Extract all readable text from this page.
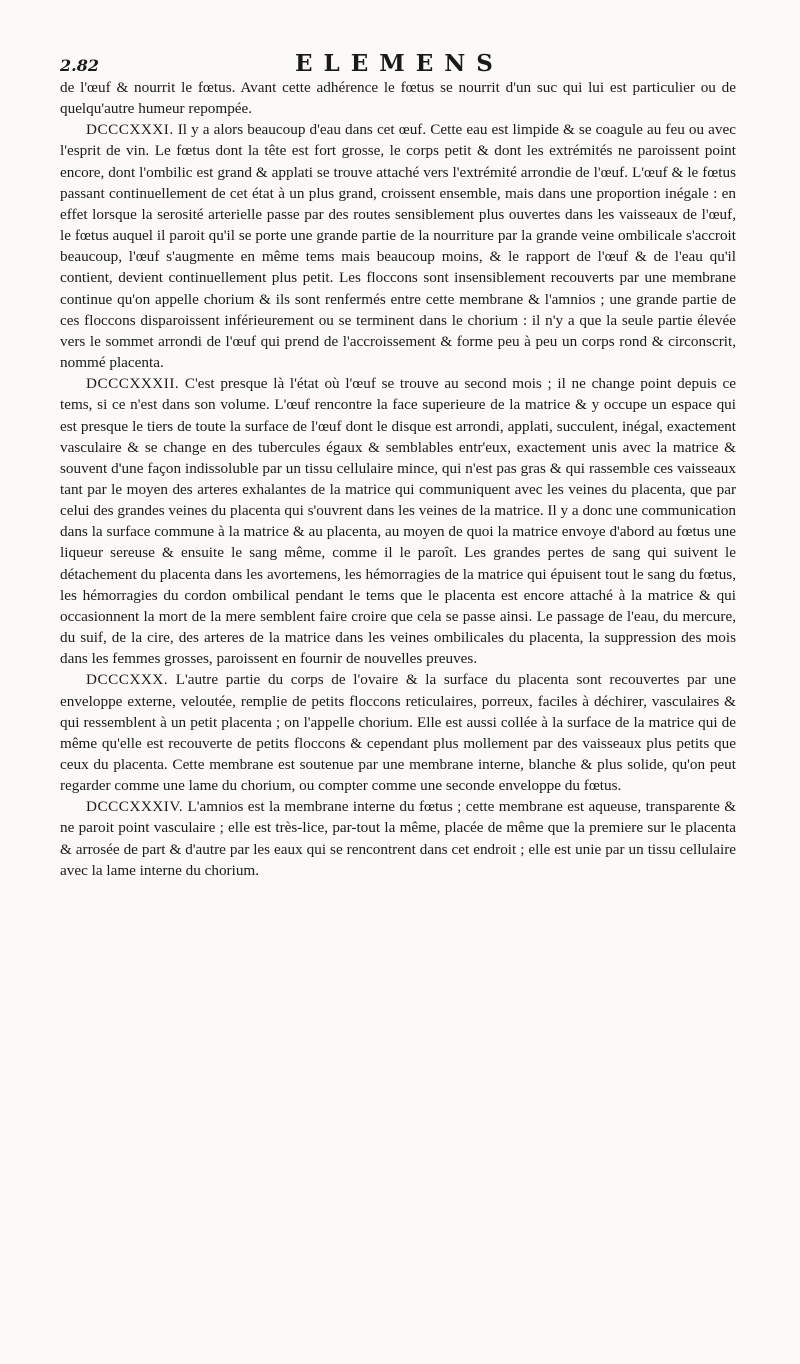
2.82	ELEMENS

de l'œuf & nourrit le fœtus. Avant cette adhérence le fœtus se nourrit d'un suc qui lui est particulier ou de quelqu'autre humeur repompée.

DCCCXXXI. Il y a alors beaucoup d'eau dans cet œuf. Cette eau est limpide & se coagule au feu ou avec l'esprit de vin. Le fœtus dont la tête est fort grosse, le corps petit & dont les extrémités ne paroissent point encore, dont l'ombilic est grand & applati se trouve attaché vers l'extrémité arrondie de l'œuf. L'œuf & le fœtus passant continuellement de cet état à un plus grand, croissent ensemble, mais dans une proportion inégale : en effet lorsque la serosité arterielle passe par des routes sensiblement plus ouvertes dans les vaisseaux de l'œuf, le fœtus auquel il paroit qu'il se porte une grande partie de la nourriture par la grande veine ombilicale s'accroit beaucoup, l'œuf s'augmente en même tems mais beaucoup moins, & le rapport de l'œuf & de l'eau qu'il contient, devient continuellement plus petit. Les floccons sont insensiblement recouverts par une membrane continue qu'on appelle chorium & ils sont renfermés entre cette membrane & l'amnios ; une grande partie de ces floccons disparoissent inférieurement ou se terminent dans le chorium : il n'y a que la seule partie élevée vers le sommet arrondi de l'œuf qui prend de l'accroissement & forme peu à peu un corps rond & circonscrit, nommé placenta.

DCCCXXXII. C'est presque là l'état où l'œuf se trouve au second mois ; il ne change point depuis ce tems, si ce n'est dans son volume. L'œuf rencontre la face superieure de la matrice & y occupe un espace qui est presque le tiers de toute la surface de l'œuf dont le disque est arrondi, applati, succulent, inégal, exactement vasculaire & se change en des tubercules égaux & semblables entr'eux, exactement unis avec la matrice & souvent d'une façon indissoluble par un tissu cellulaire mince, qui n'est pas gras & qui rassemble ces vaisseaux tant par le moyen des arteres exhalantes de la matrice qui communiquent avec les veines du placenta, que par celui des grandes veines du placenta qui s'ouvrent dans les veines de la matrice. Il y a donc une communication dans la surface commune à la matrice & au placenta, au moyen de quoi la matrice envoye d'abord au fœtus une liqueur sereuse & ensuite le sang même, comme il le paroît. Les grandes pertes de sang qui suivent le détachement du placenta dans les avortemens, les hémorragies de la matrice qui épuisent tout le sang du fœtus, les hémorragies du cordon ombilical pendant le tems que le placenta est encore attaché à la matrice & qui occasionnent la mort de la mere semblent faire croire que cela se passe ainsi. Le passage de l'eau, du mercure, du suif, de la cire, des arteres de la matrice dans les veines ombilicales du placenta, la suppression des mois dans les femmes grosses, paroissent en fournir de nouvelles preuves.

DCCCXXX. L'autre partie du corps de l'ovaire & la surface du placenta sont recouvertes par une enveloppe externe, veloutée, remplie de petits floccons reticulaires, porreux, faciles à déchirer, vasculaires & qui ressemblent à un petit placenta ; on l'appelle chorium. Elle est aussi collée à la surface de la matrice qui de même qu'elle est recouverte de petits floccons & cependant plus mollement par des vaisseaux plus petits que ceux du placenta. Cette membrane est soutenue par une membrane interne, blanche & plus solide, qu'on peut regarder comme une lame du chorium, ou compter comme une seconde enveloppe du fœtus.

DCCCXXXIV. L'amnios est la membrane interne du fœtus ; cette membrane est aqueuse, transparente & ne paroit point vasculaire ; elle est très-lice, par-tout la même, placée de même que la premiere sur le placenta & arrosée de part & d'autre par les eaux qui se rencontrent dans cet endroit ; elle est unie par un tissu cellulaire avec la lame interne du chorium.
